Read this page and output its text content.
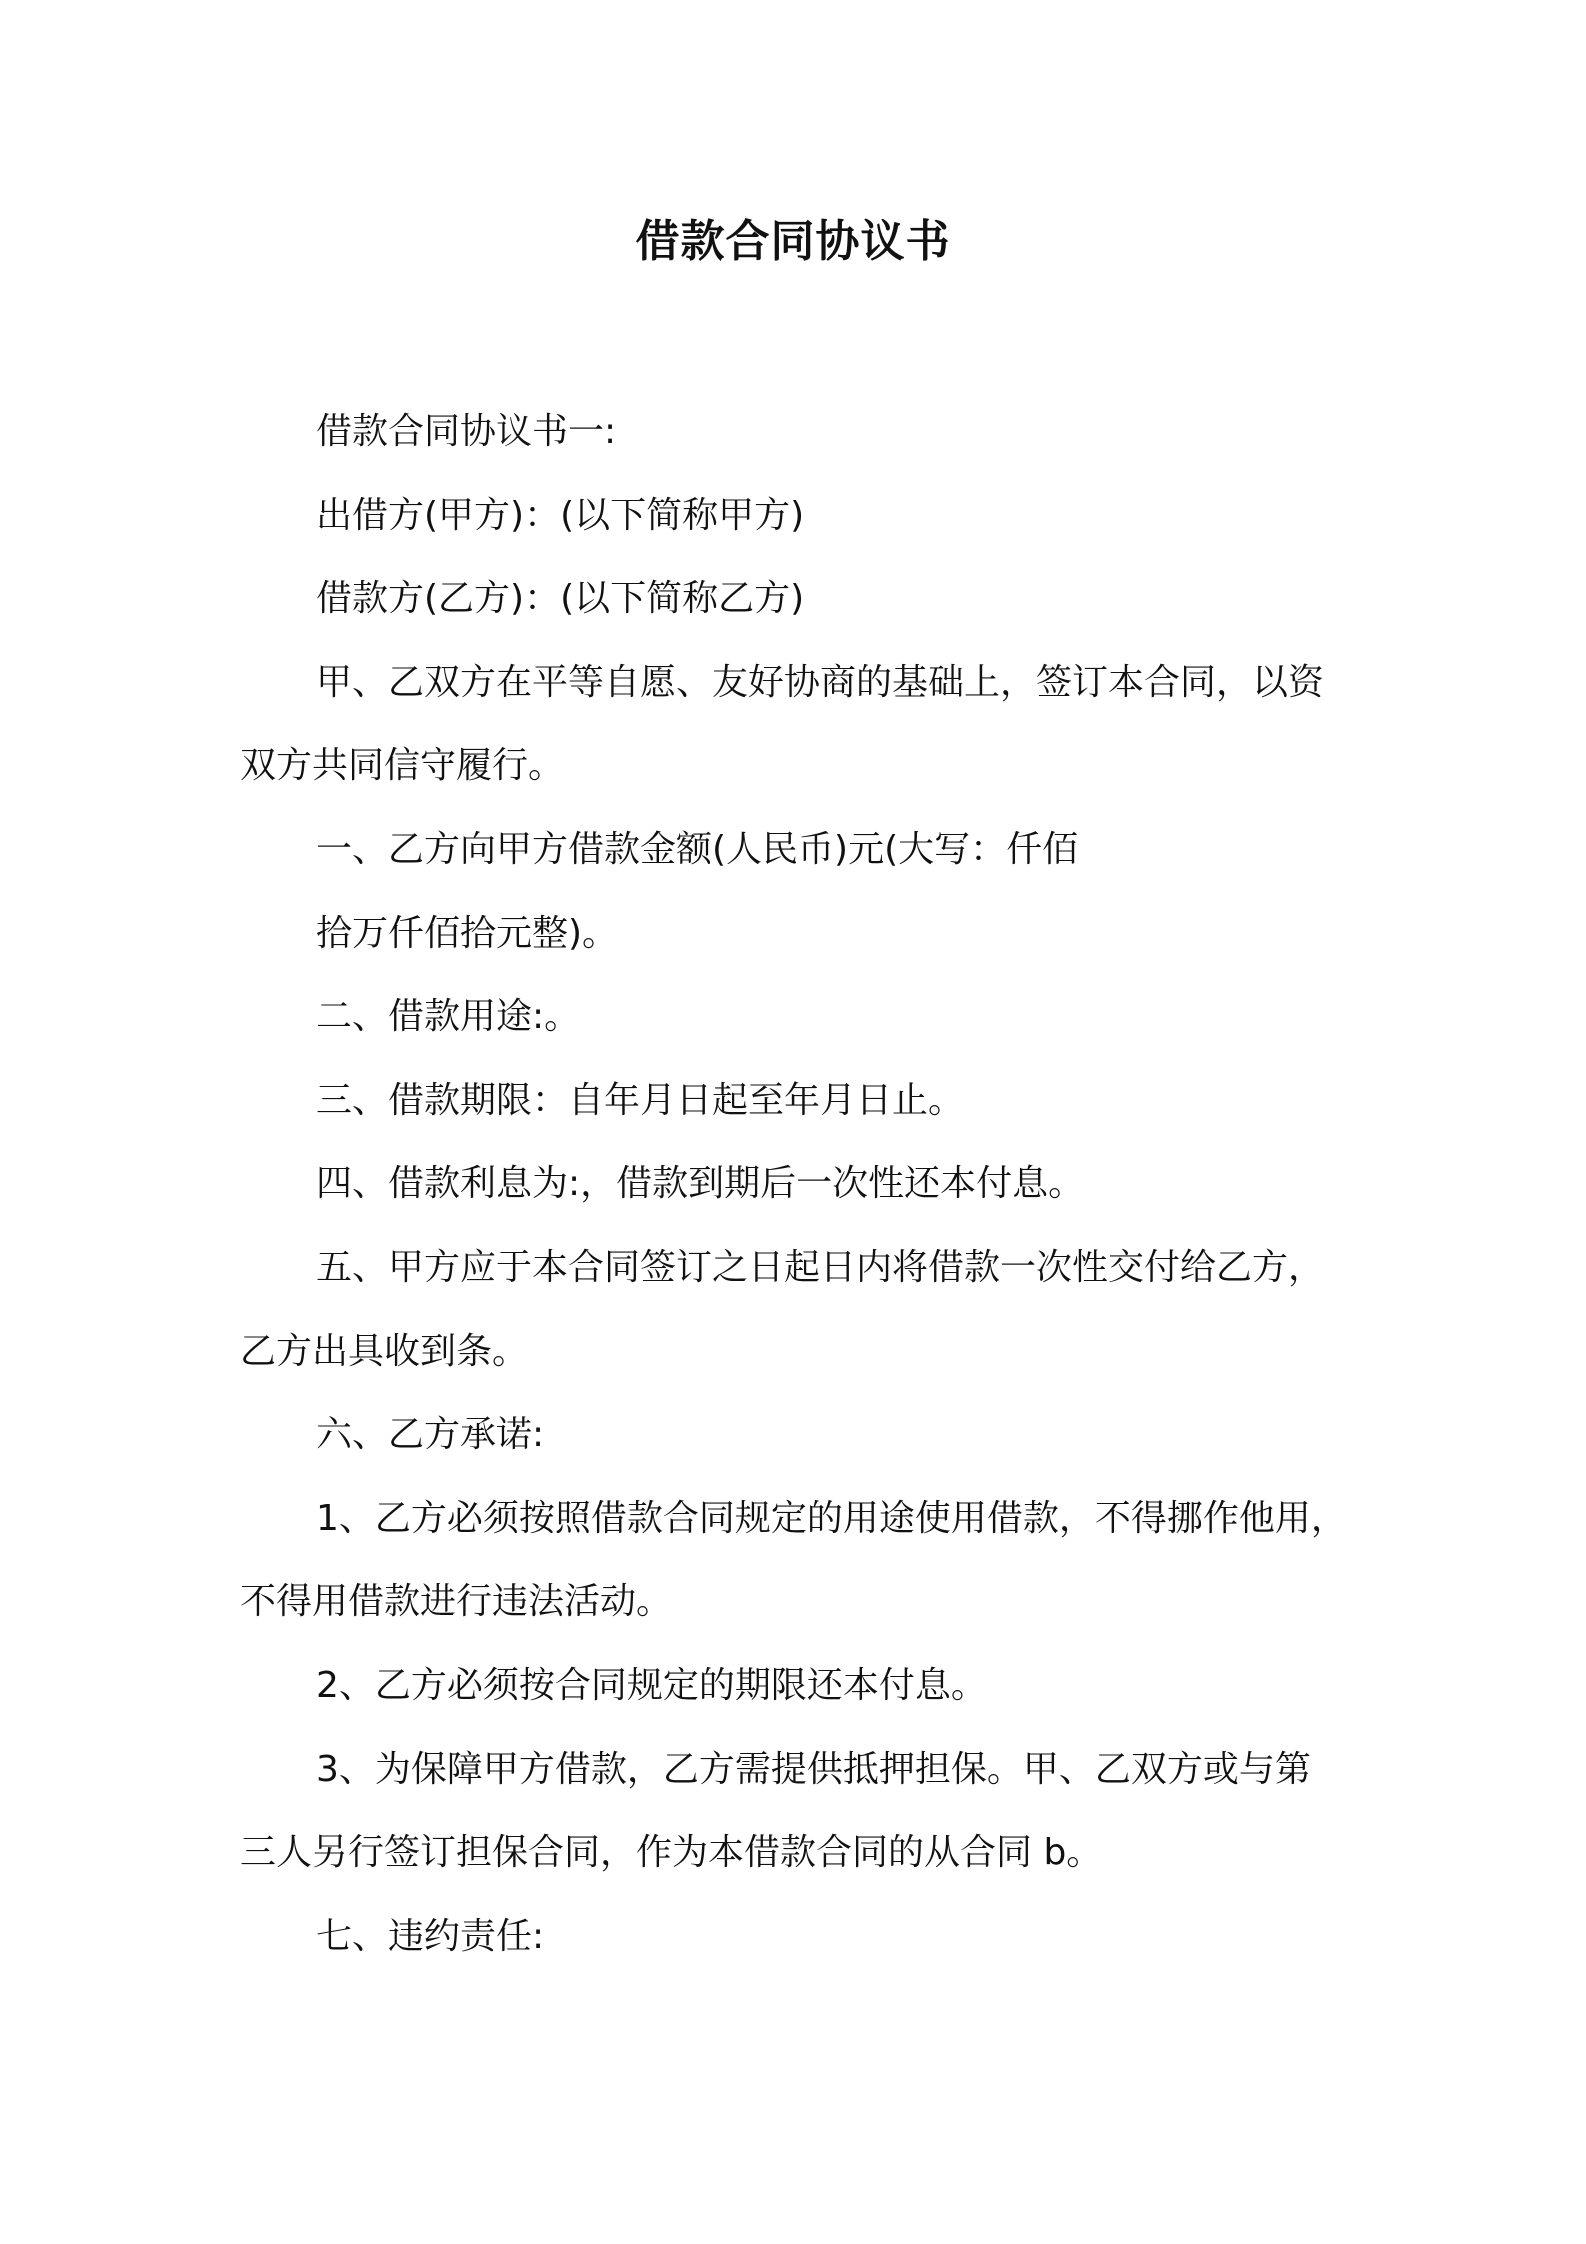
借款合同协议书

借款合同协议书一:

出借方(甲方)：(以下简称甲方)

借款方(乙方)：(以下简称乙方)

甲、乙双方在平等自愿、友好协商的基础上，签订本合同，以资

双方共同信守履行。

一、乙方向甲方借款金额(人民币)元(大写：仟佰

拾万仟佰拾元整)。

二、借款用途:。

三、借款期限：自年月日起至年月日止。

四、借款利息为:，借款到期后一次性还本付息。

五、甲方应于本合同签订之日起日内将借款一次性交付给乙方，

乙方出具收到条。

六、乙方承诺:

1、乙方必须按照借款合同规定的用途使用借款，不得挪作他用，

不得用借款进行违法活动。

2、乙方必须按合同规定的期限还本付息。

3、为保障甲方借款，乙方需提供抵押担保。甲、乙双方或与第

三人另行签订担保合同，作为本借款合同的从合同 b。

七、违约责任:
